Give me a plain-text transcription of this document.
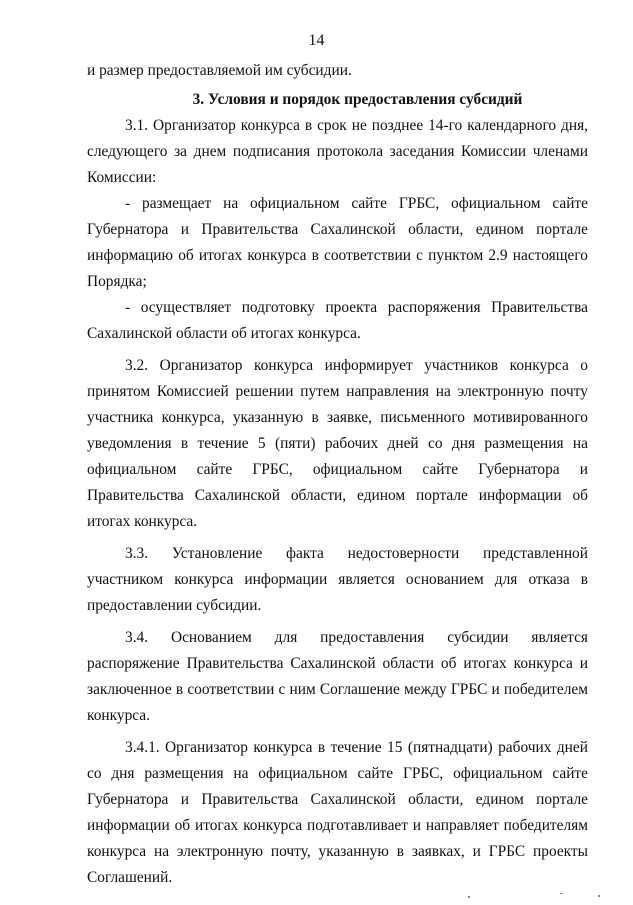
14

и размер предоставляемой им субсидии.

3. Условия и порядок предоставления субсидий

3.1. Организатор конкурса в срок не позднее 14-го календарного дня, следующего за днем подписания протокола заседания Комиссии членами Комиссии:

- размещает на официальном сайте ГРБС, официальном сайте Губернатора и Правительства Сахалинской области, едином портале информацию об итогах конкурса в соответствии с пунктом 2.9 настоящего Порядка;

- осуществляет подготовку проекта распоряжения Правительства Сахалинской области об итогах конкурса.

3.2. Организатор конкурса информирует участников конкурса о принятом Комиссией решении путем направления на электронную почту участника конкурса, указанную в заявке, письменного мотивированного уведомления в течение 5 (пяти) рабочих дней со дня размещения на официальном сайте ГРБС, официальном сайте Губернатора и Правительства Сахалинской области, едином портале информации об итогах конкурса.

3.3. Установление факта недостоверности представленной участником конкурса информации является основанием для отказа в предоставлении субсидии.

3.4. Основанием для предоставления субсидии является распоряжение Правительства Сахалинской области об итогах конкурса и заключенное в соответствии с ним Соглашение между ГРБС и победителем конкурса.

3.4.1. Организатор конкурса в течение 15 (пятнадцати) рабочих дней со дня размещения на официальном сайте ГРБС, официальном сайте Губернатора и Правительства Сахалинской области, едином портале информации об итогах конкурса подготавливает и направляет победителям конкурса на электронную почту, указанную в заявках, и ГРБС проекты Соглашений.
